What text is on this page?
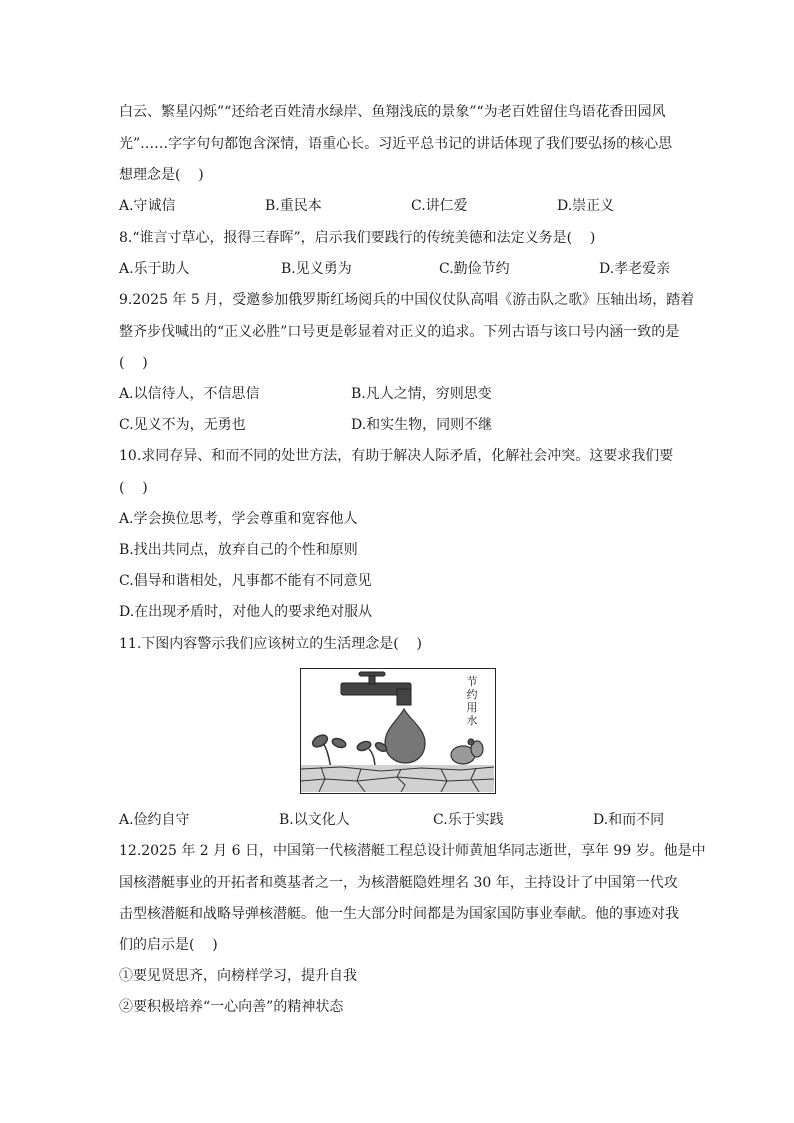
白云、繁星闪烁”“还给老百姓清水绿岸、鱼翔浅底的景象”“为老百姓留住鸟语花香田园风
光”……字字句句都饱含深情，语重心长。习近平总书记的讲话体现了我们要弘扬的核心思
想理念是(    )
A.守诚信	B.重民本	C.讲仁爱	D.崇正义
8.“谁言寸草心，报得三春晖”，启示我们要践行的传统美德和法定义务是(    )
A.乐于助人	B.见义勇为	C.勤俭节约	D.孝老爱亲
9.2025 年 5 月，受邀参加俄罗斯红场阅兵的中国仪仗队高唱《游击队之歌》压轴出场，踏着
整齐步伐喊出的“正义必胜”口号更是彰显着对正义的追求。下列古语与该口号内涵一致的是
(    )
A.以信待人，不信思信	B.凡人之情，穷则思变
C.见义不为，无勇也	D.和实生物，同则不继
10.求同存异、和而不同的处世方法，有助于解决人际矛盾，化解社会冲突。这要求我们要
(    )
A.学会换位思考，学会尊重和宽容他人
B.找出共同点，放弃自己的个性和原则
C.倡导和谐相处，凡事都不能有不同意见
D.在出现矛盾时，对他人的要求绝对服从
11.下图内容警示我们应该树立的生活理念是(    )
节约用水
A.俭约自守	B.以文化人	C.乐于实践	D.和而不同
12.2025 年 2 月 6 日，中国第一代核潜艇工程总设计师黄旭华同志逝世，享年 99 岁。他是中
国核潜艇事业的开拓者和奠基者之一，为核潜艇隐姓埋名 30 年，主持设计了中国第一代攻
击型核潜艇和战略导弹核潜艇。他一生大部分时间都是为国家国防事业奉献。他的事迹对我
们的启示是(    )
①要见贤思齐，向榜样学习，提升自我
②要积极培养“一心向善”的精神状态
